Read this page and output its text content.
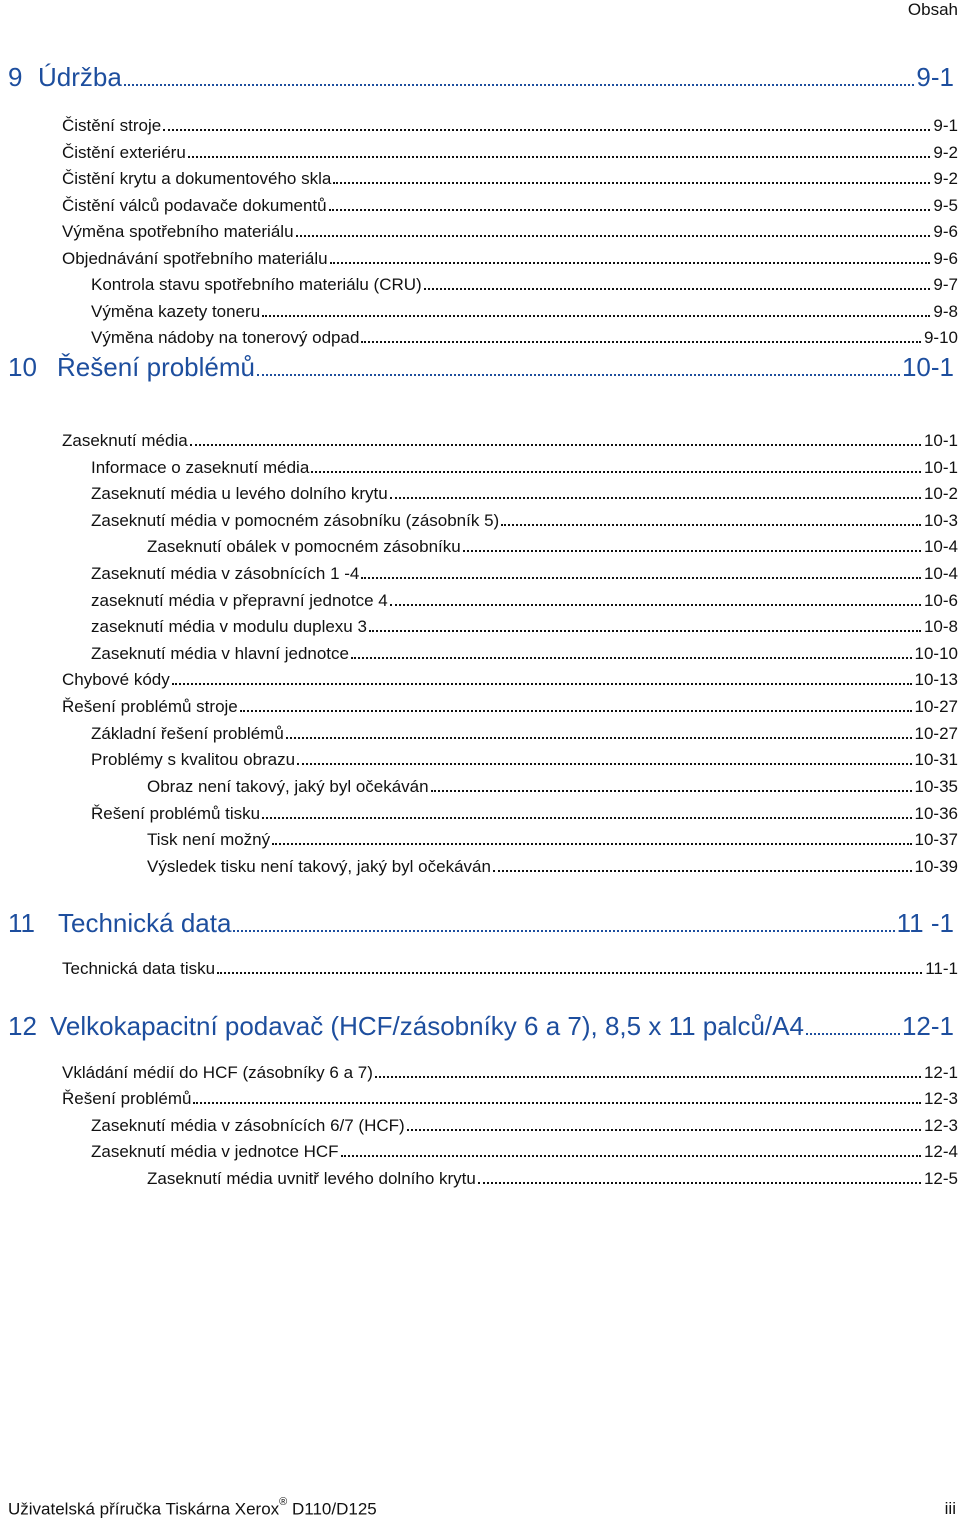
Obsah
9 Údržba	9-1
Čistění stroje	9-1
Čistění exteriéru	9-2
Čistění krytu a dokumentového skla	9-2
Čistění válců podavače dokumentů	9-5
Výměna spotřebního materiálu	9-6
Objednávání spotřebního materiálu	9-6
Kontrola stavu spotřebního materiálu (CRU)	9-7
Výměna kazety toneru	9-8
Výměna nádoby na tonerový odpad	9-10
10 Řešení problémů	10-1
Zaseknutí média	10-1
Informace o zaseknutí média	10-1
Zaseknutí média u levého dolního krytu	10-2
Zaseknutí média v pomocném zásobníku (zásobník 5)	10-3
Zaseknutí obálek v pomocném zásobníku	10-4
Zaseknutí média v zásobnících 1 -4	10-4
zaseknutí média v přepravní jednotce 4	10-6
zaseknutí média v modulu duplexu 3	10-8
Zaseknutí média v hlavní jednotce	10-10
Chybové kódy	10-13
Řešení problémů stroje	10-27
Základní řešení problémů	10-27
Problémy s kvalitou obrazu	10-31
Obraz není takový, jaký byl očekáván	10-35
Řešení problémů tisku	10-36
Tisk není možný	10-37
Výsledek tisku není takový, jaký byl očekáván	10-39
11 Technická data	11 -1
Technická data tisku	11-1
12 Velkokapacitní podavač (HCF/zásobníky 6 a 7), 8,5 x 11 palců/A4	12-1
Vkládání médií do HCF (zásobníky 6 a 7)	12-1
Řešení problémů	12-3
Zaseknutí média v zásobnících 6/7 (HCF)	12-3
Zaseknutí média v jednotce HCF	12-4
Zaseknutí média uvnitř levého dolního krytu	12-5
Uživatelská příručka Tiskárna Xerox® D110/D125	iii
